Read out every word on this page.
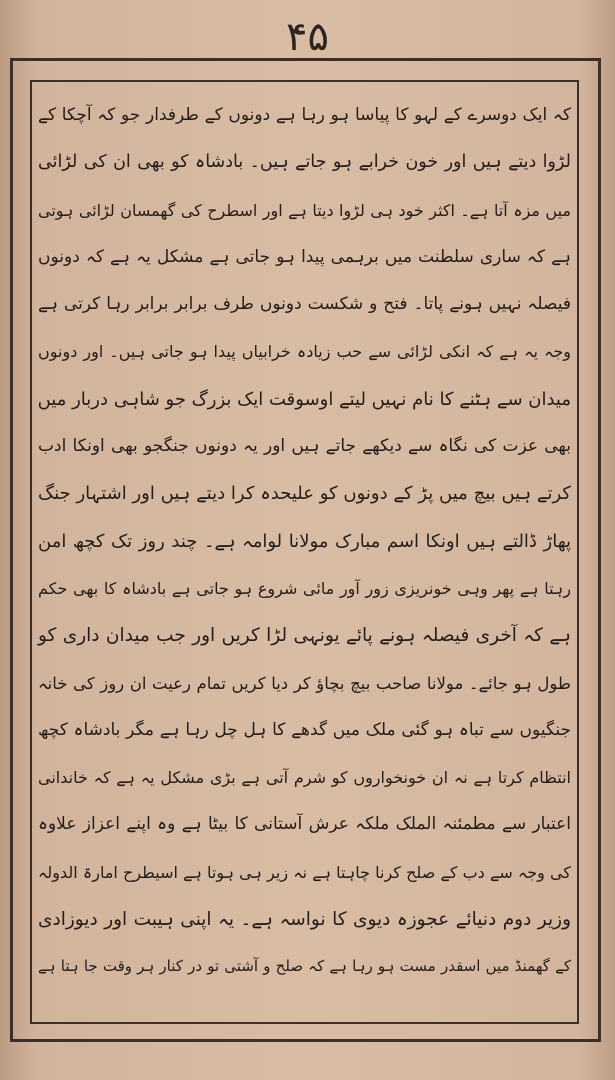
۴۵
کہ ایک دوسرے کے لہو کا پیاسا ہو رہا ہے دونوں کے طرفدار جو کہ آچکا کے
لڑوا دیتے ہیں اور خون خرابے ہو جاتے ہیں۔ بادشاہ کو بھی ان کی لڑائی
میں مزہ آتا ہے۔ اکثر خود ہی لڑوا دیتا ہے اور اسطرح کی گھمسان لڑائی ہوتی
ہے کہ ساری سلطنت میں برہمی پیدا ہو جاتی ہے مشکل یہ ہے کہ دونوں
فیصلہ نہیں ہونے پاتا۔ فتح و شکست دونوں طرف برابر برابر رہا کرتی ہے
وجہ یہ ہے کہ انکی لڑائی سے حب زیادہ خرابیاں پیدا ہو جاتی ہیں۔ اور دونوں
میدان سے ہٹنے کا نام نہیں لیتے اوسوقت ایک بزرگ جو شاہی دربار میں
بھی عزت کی نگاہ سے دیکھے جاتے ہیں اور یہ دونوں جنگجو بھی اونکا ادب
کرتے ہیں بیچ میں پڑ کے دونوں کو علیحدہ کرا دیتے ہیں اور اشتہار جنگ
پھاڑ ڈالتے ہیں اونکا اسم مبارک مولانا لوامہ ہے۔ چند روز تک کچھ امن
رہتا ہے پھر وہی خونریزی زور آور مائی شروع ہو جاتی ہے بادشاہ کا بھی حکم
ہے کہ آخری فیصلہ ہونے پائے یونہی لڑا کریں اور جب میدان داری کو
طول ہو جائے۔ مولانا صاحب بیچ بچاؤ کر دیا کریں تمام رعیت ان روز کی خانہ
جنگیوں سے تباہ ہو گئی ملک میں گدھے کا ہل چل رہا ہے مگر بادشاہ کچھ
انتظام کرتا ہے نہ ان خونخواروں کو شرم آتی ہے بڑی مشکل یہ ہے کہ خاندانی
اعتبار سے مطمئنہ الملک ملکہ عرش آستانی کا بیٹا ہے وہ اپنے اعزاز علاوہ
کی وجہ سے دب کے صلح کرنا چاہتا ہے نہ زیر ہی ہوتا ہے اسیطرح امارۃ الدولہ
وزیر دوم دنیائے عجوزہ دیوی کا نواسہ ہے۔ یہ اپنی ہیبت اور دیوزادی
کے گھمنڈ میں اسقدر مست ہو رہا ہے کہ صلح و آشتی تو در کنار ہر وقت جا ہتا ہے
